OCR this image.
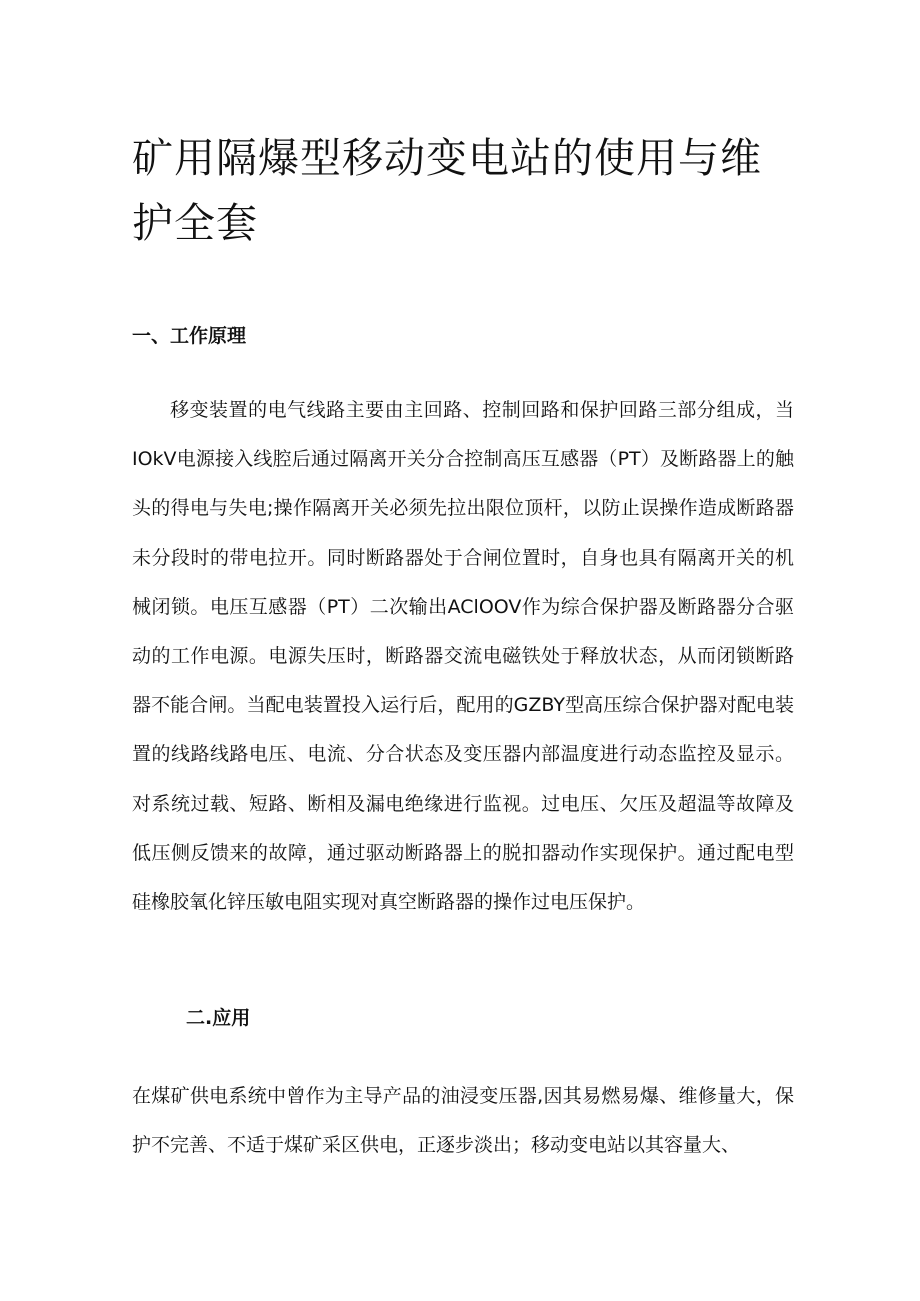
矿用隔爆型移动变电站的使用与维护全套
一、工作原理

移变装置的电气线路主要由主回路、控制回路和保护回路三部分组成，当IOkV电源接入线腔后通过隔离开关分合控制高压互感器（PT）及断路器上的触头的得电与失电;操作隔离开关必须先拉出限位顶杆，以防止误操作造成断路器未分段时的带电拉开。同时断路器处于合闸位置时，自身也具有隔离开关的机械闭锁。电压互感器（PT）二次输出AClOOV作为综合保护器及断路器分合驱动的工作电源。电源失压时，断路器交流电磁铁处于释放状态，从而闭锁断路器不能合闸。当配电装置投入运行后，配用的GZBY型高压综合保护器对配电装置的线路线路电压、电流、分合状态及变压器内部温度进行动态监控及显示。对系统过载、短路、断相及漏电绝缘进行监视。过电压、欠压及超温等故障及低压侧反馈来的故障，通过驱动断路器上的脱扣器动作实现保护。通过配电型硅橡胶氧化锌压敏电阻实现对真空断路器的操作过电压保护。

二.应用

在煤矿供电系统中曾作为主导产品的油浸变压器,因其易燃易爆、维修量大，保护不完善、不适于煤矿采区供电，正逐步淡出；移动变电站以其容量大、
